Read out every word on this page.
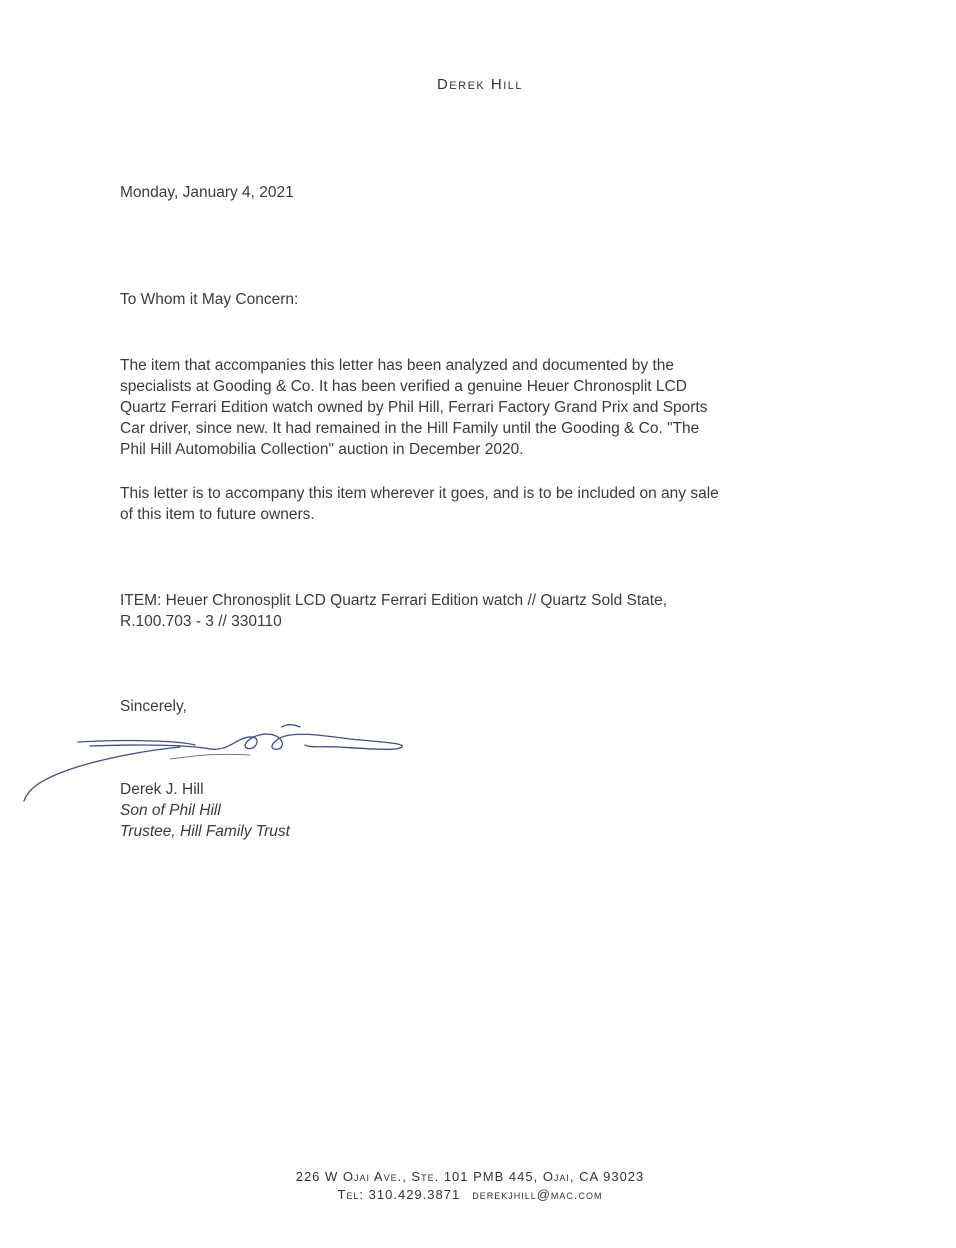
Derek Hill
Monday, January 4, 2021
To Whom it May Concern:
The item that accompanies this letter has been analyzed and documented by the
specialists at Gooding & Co. It has been verified a genuine Heuer Chronosplit LCD
Quartz Ferrari Edition watch owned by Phil Hill, Ferrari Factory Grand Prix and Sports
Car driver, since new. It had remained in the Hill Family until the Gooding & Co. "The
Phil Hill Automobilia Collection" auction in December 2020.
This letter is to accompany this item wherever it goes, and is to be included on any sale
of this item to future owners.
ITEM: Heuer Chronosplit LCD Quartz Ferrari Edition watch // Quartz Sold State,
R.100.703 - 3 // 330110
Sincerely,
Derek J. Hill
Son of Phil Hill
Trustee, Hill Family Trust
226 W Ojai Ave., Ste. 101 PMB 445, Ojai, CA 93023
Tel: 310.429.3871 derekjhill@mac.com
